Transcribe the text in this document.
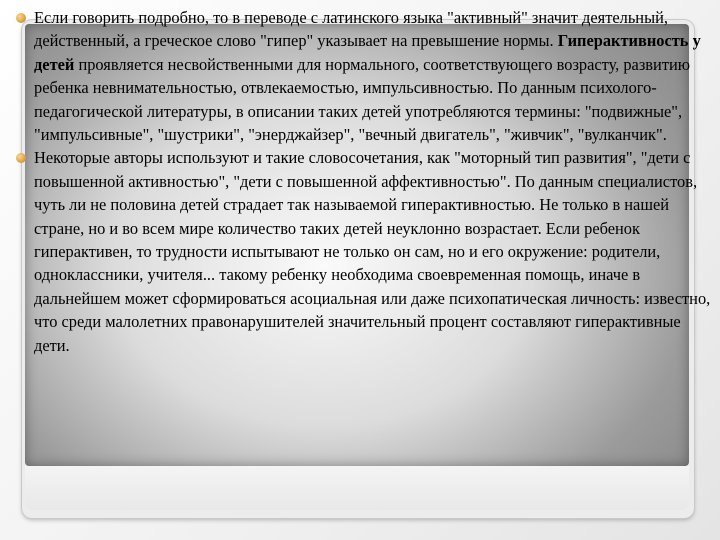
Если говорить подробно, то в переводе с латинского языка "активный" значит деятельный, действенный, а греческое слово "гипер" указывает на превышение нормы. Гиперактивность у детей проявляется несвойственными для нормального, соответствующего возрасту, развитию ребенка невнимательностью, отвлекаемостью, импульсивностью. По данным психолого-педагогической литературы, в описании таких детей употребляются термины: "подвижные", "импульсивные", "шустрики", "энерджайзер", "вечный двигатель", "живчик", "вулканчик".
Некоторые авторы используют и такие словосочетания, как "моторный тип развития", "дети с повышенной активностью", "дети с повышенной аффективностью". По данным специалистов, чуть ли не половина детей страдает так называемой гиперактивностью. Не только в нашей стране, но и во всем мире количество таких детей неуклонно возрастает. Если ребенок гиперактивен, то трудности испытывают не только он сам, но и его окружение: родители, одноклассники, учителя... такому ребенку необходима своевременная помощь, иначе в дальнейшем может сформироваться асоциальная или даже психопатическая личность: известно, что среди малолетних правонарушителей значительный процент составляют гиперактивные дети.
